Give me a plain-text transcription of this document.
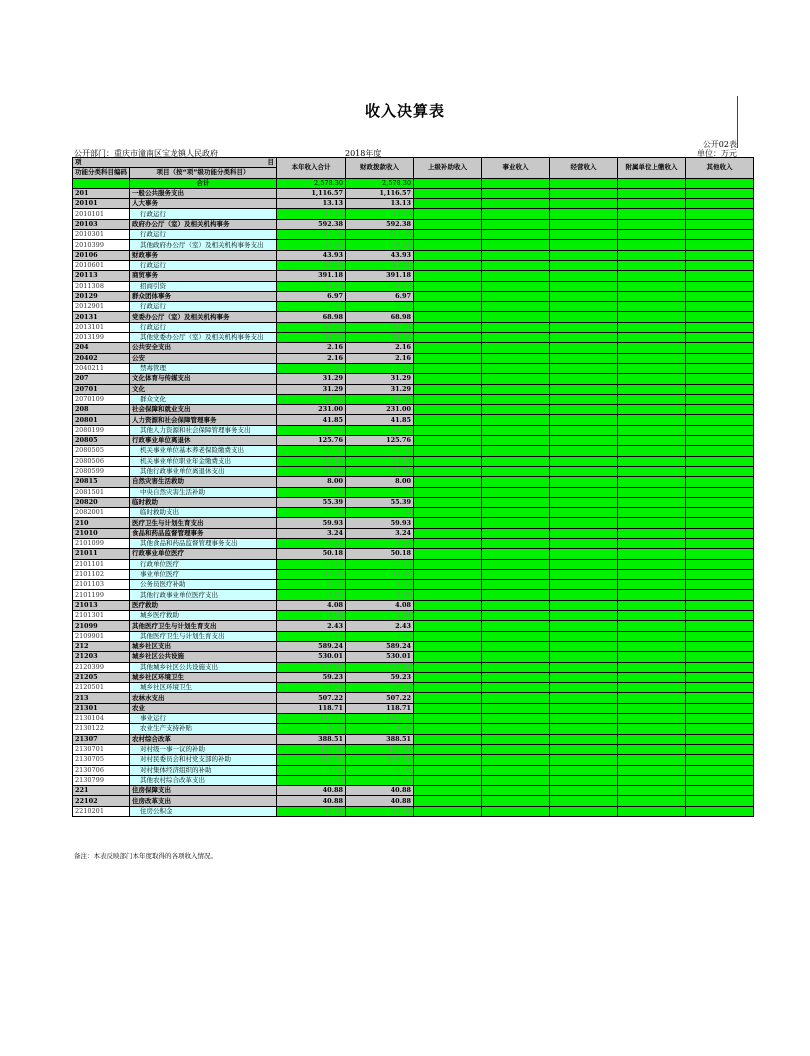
收入决算表
公开02表
公开部门：重庆市潼南区宝龙镇人民政府	2018年度	单位：万元
项 目		本年收入合计	财政拨款收入	上级补助收入	事业收入	经营收入	附属单位上缴收入	其他收入
功能分类科目编码	项目（按“项”级功能分类科目）							
	合计	2,578.30	2,578.30					
201	一般公共服务支出	1,116.57	1,116.57					
20101	人大事务	13.13	13.13					
2010101	行政运行	13.13	13.13					
20103	政府办公厅（室）及相关机构事务	592.38	592.38					
2010301	行政运行	513.06	513.06					
2010399	其他政府办公厅（室）及相关机构事务支出	79.32	79.32					
20106	财政事务	43.93	43.93					
2010601	行政运行	43.93	43.93					
20113	商贸事务	391.18	391.18					
2011308	招商引资	391.18	391.18					
20129	群众团体事务	6.97	6.97					
2012901	行政运行	6.97	6.97					
20131	党委办公厅（室）及相关机构事务	68.98	68.98					
2013101	行政运行	37.45	37.45					
2013199	其他党委办公厅（室）及相关机构事务支出	31.53	31.53					
204	公共安全支出	2.16	2.16					
20402	公安	2.16	2.16					
2040211	禁毒管理	2.16	2.16					
207	文化体育与传媒支出	31.29	31.29					
20701	文化	31.29	31.29					
2070109	群众文化	31.29	31.29					
208	社会保障和就业支出	231.00	231.00					
20801	人力资源和社会保障管理事务	41.85	41.85					
2080199	其他人力资源和社会保障管理事务支出	41.85	41.85					
20805	行政事业单位离退休	125.76	125.76					
2080505	机关事业单位基本养老保险缴费支出	62.82	62.82					
2080506	机关事业单位职业年金缴费支出	25.13	25.13					
2080599	其他行政事业单位离退休支出	37.82	37.82					
20815	自然灾害生活救助	8.00	8.00					
2081501	中央自然灾害生活补助	8.00	8.00					
20820	临时救助	55.39	55.39					
2082001	临时救助支出	55.39	55.39					
210	医疗卫生与计划生育支出	59.93	59.93					
21010	食品和药品监督管理事务	3.24	3.24					
2101099	其他食品和药品监督管理事务支出	3.24	3.24					
21011	行政事业单位医疗	50.18	50.18					
2101101	行政单位医疗	25.15	25.15					
2101102	事业单位医疗	12.96	12.96					
2101103	公务员医疗补助	4.32	4.32					
2101199	其他行政事业单位医疗支出	7.75	7.75					
21013	医疗救助	4.08	4.08					
2101301	城乡医疗救助	4.08	4.08					
21099	其他医疗卫生与计划生育支出	2.43	2.43					
2109901	其他医疗卫生与计划生育支出	2.43	2.43					
212	城乡社区支出	589.24	589.24					
21203	城乡社区公共设施	530.01	530.01					
2120399	其他城乡社区公共设施支出	530.01	530.01					
21205	城乡社区环境卫生	59.23	59.23					
2120501	城乡社区环境卫生	59.23	59.23					
213	农林水支出	507.22	507.22					
21301	农业	118.71	118.71					
2130104	事业运行	117.71	117.71					
2130122	农业生产支持补贴	1.00	1.00					
21307	农村综合改革	388.51	388.51					
2130701	对村级一事一议的补助	100.00	100.00					
2130705	对村民委员会和村党支部的补助	274.51	274.51					
2130706	对村集体经济组织的补助	5.00	5.00					
2130799	其他农村综合改革支出	9.00	9.00					
221	住房保障支出	40.88	40.88					
22102	住房改革支出	40.88	40.88					
2210201	住房公积金	40.88	40.88					
备注：本表反映部门本年度取得的各项收入情况。
